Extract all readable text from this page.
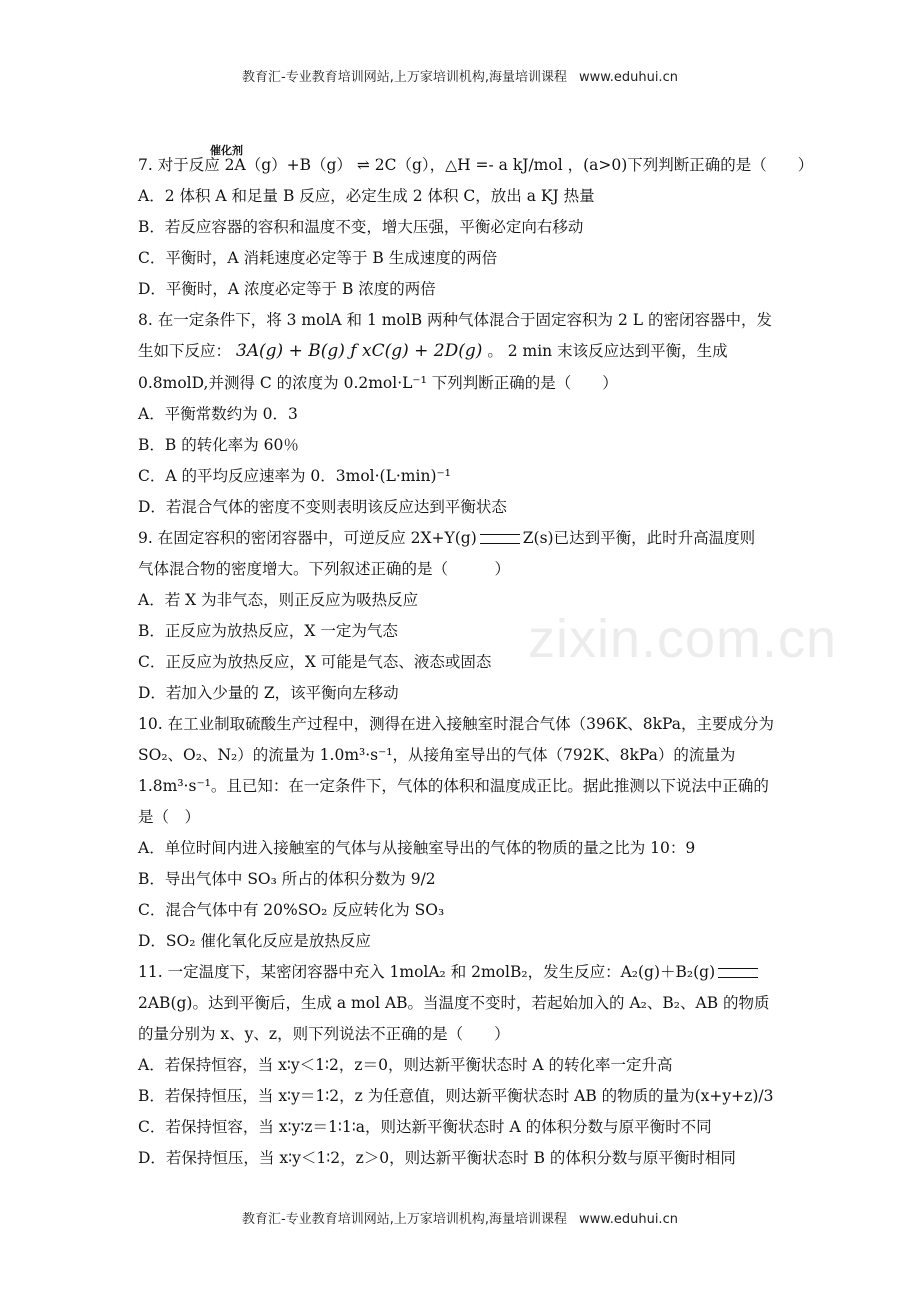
教育汇-专业教育培训网站,上万家培训机构,海量培训课程 www.eduhui.cn
zixin.com.cn
催化剂
7. 对于反应 2A（g）+B（g） ⇌ 2C（g），△H =- a kJ/mol ，(a>0)下列判断正确的是（　　）
A．2 体积 A 和足量 B 反应，必定生成 2 体积 C，放出 a KJ 热量
B．若反应容器的容积和温度不变，增大压强，平衡必定向右移动
C．平衡时，A 消耗速度必定等于 B 生成速度的两倍
D．平衡时，A 浓度必定等于 B 浓度的两倍
8. 在一定条件下，将 3 molA 和 1 molB 两种气体混合于固定容积为 2 L 的密闭容器中，发
生如下反应： 3A(g) + B(g) ƒ xC(g) + 2D(g) 。 2 min 末该反应达到平衡，生成
0.8molD,并测得 C 的浓度为 0.2mol·L⁻¹ 下列判断正确的是（　　）
A．平衡常数约为 0．3
B．B 的转化率为 60％
C．A 的平均反应速率为 0．3mol·(L·min)⁻¹
D．若混合气体的密度不变则表明该反应达到平衡状态
9. 在固定容积的密闭容器中，可逆反应 2X+Y(g)	Z(s)已达到平衡，此时升高温度则
气体混合物的密度增大。下列叙述正确的是（　　　）
A．若 X 为非气态，则正反应为吸热反应
B．正反应为放热反应，X 一定为气态
C．正反应为放热反应，X 可能是气态、液态或固态
D．若加入少量的 Z，该平衡向左移动
10. 在工业制取硫酸生产过程中，测得在进入接触室时混合气体（396K、8kPa，主要成分为
SO₂、O₂、N₂）的流量为 1.0m³·s⁻¹，从接角室导出的气体（792K、8kPa）的流量为
1.8m³·s⁻¹。且已知：在一定条件下，气体的体积和温度成正比。据此推测以下说法中正确的
是（　）
A．单位时间内进入接触室的气体与从接触室导出的气体的物质的量之比为 10：9
B．导出气体中 SO₃ 所占的体积分数为 9/2
C．混合气体中有 20%SO₂ 反应转化为 SO₃
D．SO₂ 催化氧化反应是放热反应
11. 一定温度下，某密闭容器中充入 1molA₂ 和 2molB₂，发生反应：A₂(g)＋B₂(g)
2AB(g)。达到平衡后，生成 a mol AB。当温度不变时，若起始加入的 A₂、B₂、AB 的物质
的量分别为 x、y、z，则下列说法不正确的是（　　）
A．若保持恒容，当 x∶y＜1∶2，z＝0，则达新平衡状态时 A 的转化率一定升高
B．若保持恒压，当 x∶y＝1∶2，z 为任意值，则达新平衡状态时 AB 的物质的量为(x+y+z)/3
C．若保持恒容，当 x∶y∶z＝1∶1∶a，则达新平衡状态时 A 的体积分数与原平衡时不同
D．若保持恒压，当 x∶y＜1∶2，z＞0，则达新平衡状态时 B 的体积分数与原平衡时相同
教育汇-专业教育培训网站,上万家培训机构,海量培训课程 www.eduhui.cn
